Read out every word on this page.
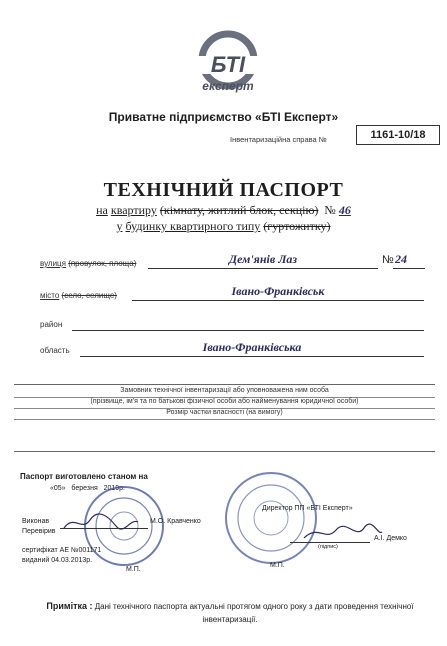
БТІ
експерт
Приватне підприємство «БТІ Експерт»
Інвентаризаційна справа №	1161-10/18
ТЕХНІЧНИЙ ПАСПОРТ
на квартиру (кімнату, житлий блок, секцію) № 46
у будинку квартирного типу (гуртожитку)
вулиця (провулок, площа)	Дем'янів Лаз	№ 24
місто (село, селище)	Івано-Франківськ
район
область	Івано-Франківська
Замовник технічної інвентаризації або уповноважена ним особа
(прізвище, ім'я та по батькові фізичної особи або найменування юридичної особи)
Розмір частки власності (на вимогу)
Паспорт виготовлено станом на
«05» березня 2019р.
Виконав
Перевірив
М.О. Кравченко
сертифікат АЕ №001171
виданий 04.03.2013р.
М.П.
Директор ПП «БТІ Експерт»
А.І. Демко
(підпис)
М.П.
Примітка : Дані технічного паспорта актуальні протягом одного року з дати проведення технічної інвентаризації.
